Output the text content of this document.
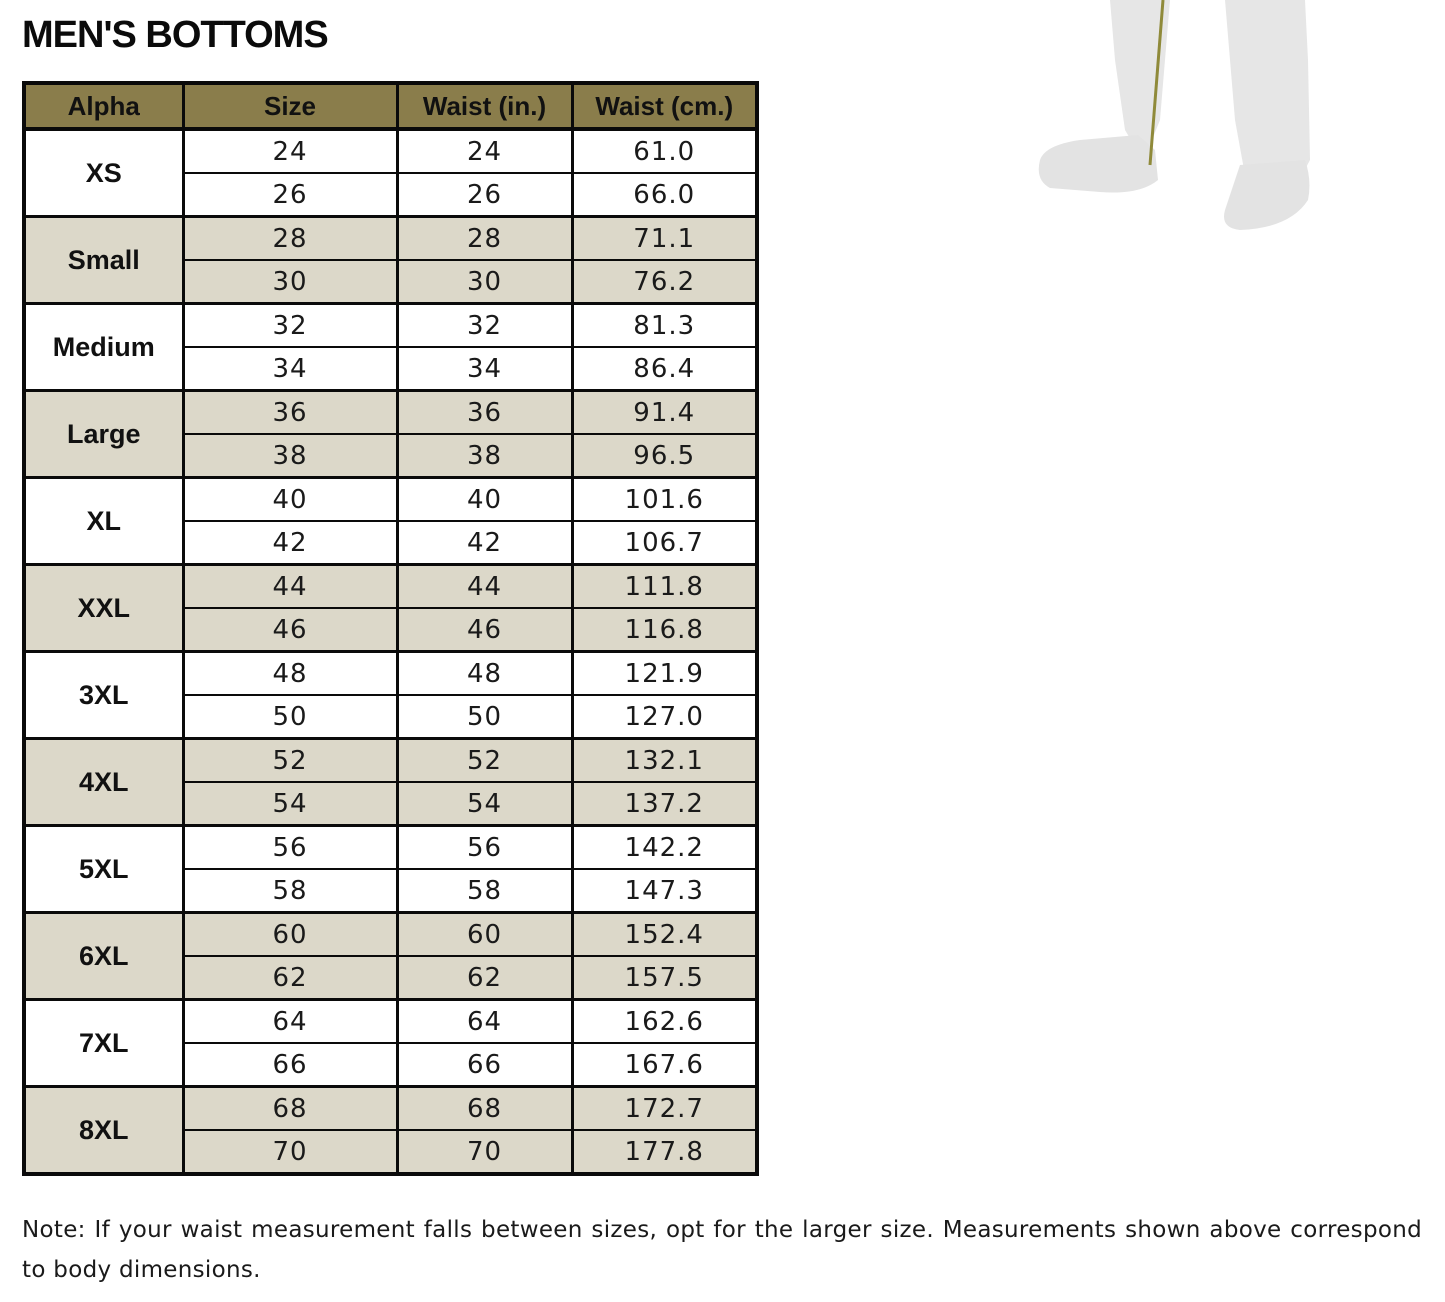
MEN'S BOTTOMS
Alpha	Size	Waist (in.)	Waist (cm.)
XS	24	24	61.0
	26	26	66.0
Small	28	28	71.1
	30	30	76.2
Medium	32	32	81.3
	34	34	86.4
Large	36	36	91.4
	38	38	96.5
XL	40	40	101.6
	42	42	106.7
XXL	44	44	111.8
	46	46	116.8
3XL	48	48	121.9
	50	50	127.0
4XL	52	52	132.1
	54	54	137.2
5XL	56	56	142.2
	58	58	147.3
6XL	60	60	152.4
	62	62	157.5
7XL	64	64	162.6
	66	66	167.6
8XL	68	68	172.7
	70	70	177.8
Note: If your waist measurement falls between sizes, opt for the larger size. Measurements shown above correspond to body dimensions.
